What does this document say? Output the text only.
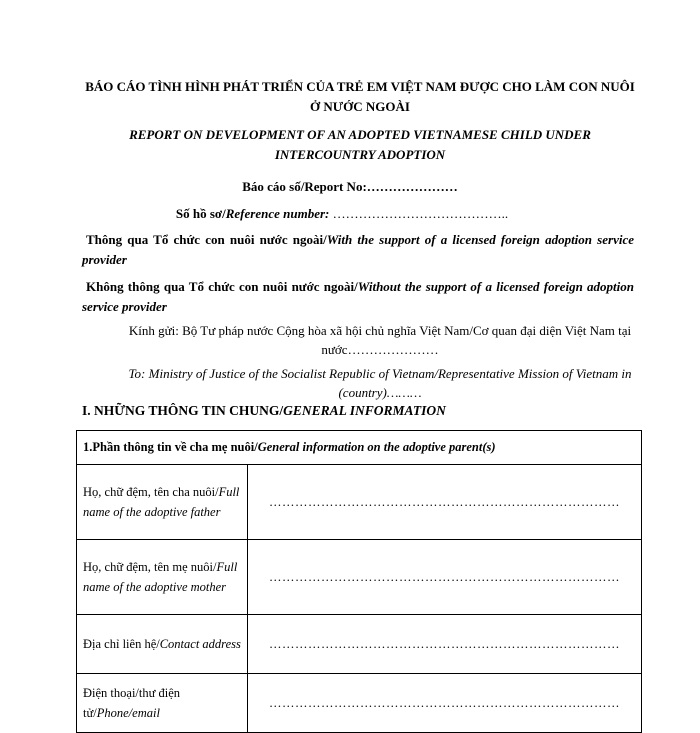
BÁO CÁO TÌNH HÌNH PHÁT TRIỂN CỦA TRẺ EM VIỆT NAM ĐƯỢC CHO LÀM CON NUÔI Ở NƯỚC NGOÀI
REPORT ON DEVELOPMENT OF AN ADOPTED VIETNAMESE CHILD UNDER INTERCOUNTRY ADOPTION
Báo cáo số/Report No:…………………
Số hồ sơ/Reference number: …………………………………..
Thông qua Tổ chức con nuôi nước ngoài/With the support of a licensed foreign adoption service provider
Không thông qua Tổ chức con nuôi nước ngoài/Without the support of a licensed foreign adoption service provider
Kính gửi: Bộ Tư pháp nước Cộng hòa xã hội chủ nghĩa Việt Nam/Cơ quan đại diện Việt Nam tại nước…………………
To: Ministry of Justice of the Socialist Republic of Vietnam/Representative Mission of Vietnam in (country)………
I. NHỮNG THÔNG TIN CHUNG/GENERAL INFORMATION
1.Phần thông tin về cha mẹ nuôi/General information on the adoptive parent(s)	
Họ, chữ đệm, tên cha nuôi/Full name of the adoptive father	………………………………………………………………………
Họ, chữ đệm, tên mẹ nuôi/Full name of the adoptive mother	………………………………………………………………………
Địa chỉ liên hệ/Contact address	………………………………………………………………………
Điện thoại/thư điện tử/Phone/email	………………………………………………………………………
